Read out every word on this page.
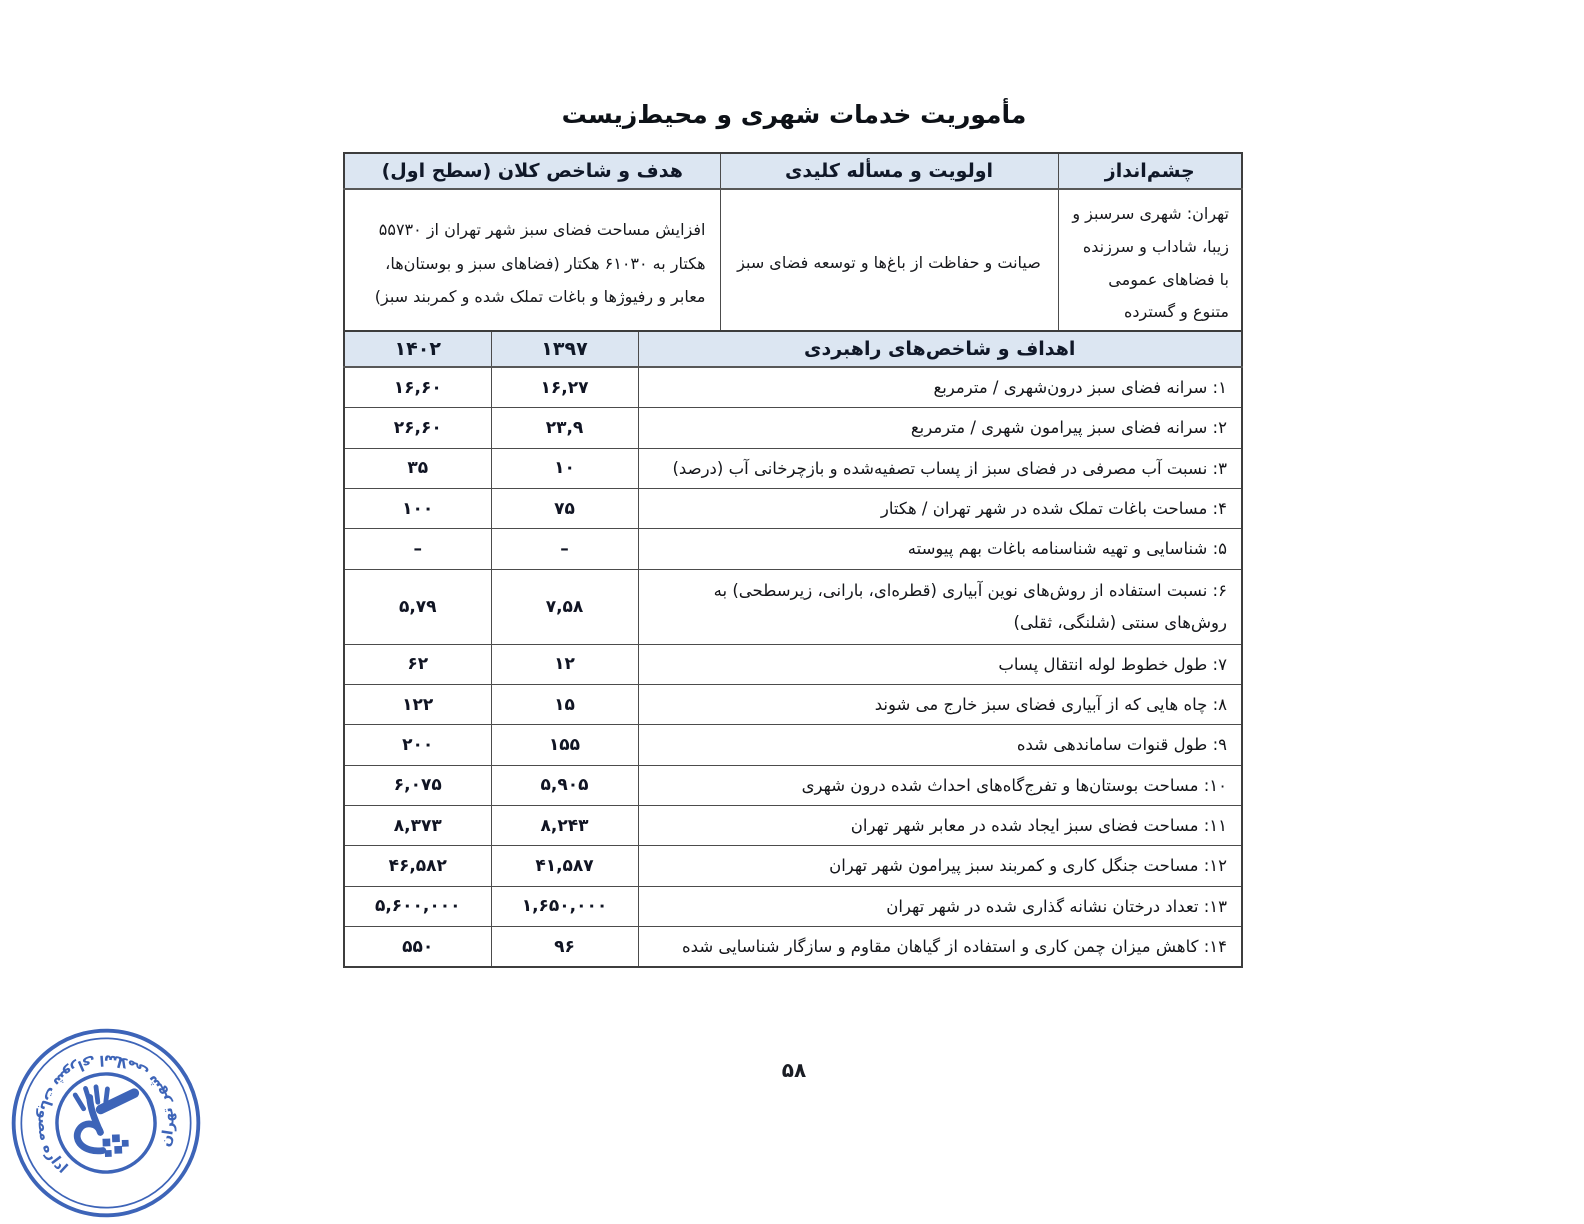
مأموریت خدمات شهری و محیط‌زیست
چشم‌انداز	اولویت و مسأله کلیدی	هدف و شاخص کلان (سطح اول)
تهران: شهری سرسبز و زیبا، شاداب و سرزنده با فضاهای عمومی متنوع و گسترده	صیانت و حفاظت از باغ‌ها و توسعه فضای سبز	افزایش مساحت فضای سبز شهر تهران از ۵۵۷۳۰ هکتار به ۶۱۰۳۰ هکتار (فضاهای سبز و بوستان‌ها، معابر و رفیوژها و باغات تملک شده و کمربند سبز)
اهداف و شاخص‌های راهبردی	۱۳۹۷	۱۴۰۲
۱: سرانه فضای سبز درون‌شهری / مترمربع	۱۶,۲۷	۱۶,۶۰
۲: سرانه فضای سبز پیرامون شهری / مترمربع	۲۳,۹	۲۶,۶۰
۳: نسبت آب مصرفی در فضای سبز از پساب تصفیه‌شده و بازچرخانی آب (درصد)	۱۰	۳۵
۴: مساحت باغات تملک شده در شهر تهران / هکتار	۷۵	۱۰۰
۵: شناسایی و تهیه شناسنامه باغات بهم پیوسته	–	–
۶: نسبت استفاده از روش‌های نوین آبیاری (قطره‌ای، بارانی، زیرسطحی) به روش‌های سنتی (شلنگی، ثقلی)	۷,۵۸	۵,۷۹
۷: طول خطوط لوله انتقال پساب	۱۲	۶۲
۸: چاه هایی که از آبیاری فضای سبز خارج می شوند	۱۵	۱۲۲
۹: طول قنوات ساماندهی شده	۱۵۵	۲۰۰
۱۰: مساحت بوستان‌ها و تفرج‌گاه‌های احداث شده درون شهری	۵,۹۰۵	۶,۰۷۵
۱۱: مساحت فضای سبز ایجاد شده در معابر شهر تهران	۸,۲۴۳	۸,۳۷۳
۱۲: مساحت جنگل کاری و کمربند سبز پیرامون شهر تهران	۴۱,۵۸۷	۴۶,۵۸۲
۱۳: تعداد درختان نشانه گذاری شده در شهر تهران	۱,۶۵۰,۰۰۰	۵,۶۰۰,۰۰۰
۱۴: کاهش میزان چمن کاری و استفاده از گیاهان مقاوم و سازگار شناسایی شده	۹۶	۵۵۰
۵۸
اداره مصوبات شورای اسلامی شهر تهران
